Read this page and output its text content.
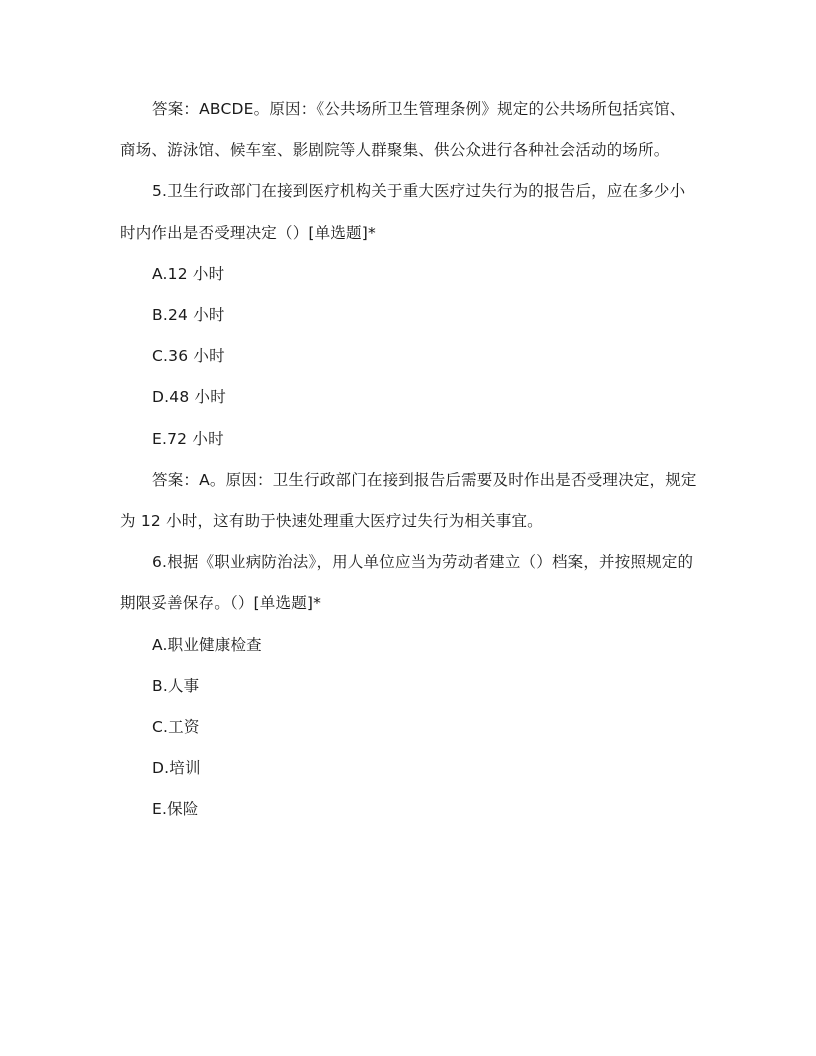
答案：ABCDE。原因：《公共场所卫生管理条例》规定的公共场所包括宾馆、商场、游泳馆、候车室、影剧院等人群聚集、供公众进行各种社会活动的场所。

5.卫生行政部门在接到医疗机构关于重大医疗过失行为的报告后，应在多少小时内作出是否受理决定（）[单选题]*

A.12 小时

B.24 小时

C.36 小时

D.48 小时

E.72 小时

答案：A。原因：卫生行政部门在接到报告后需要及时作出是否受理决定，规定为 12 小时，这有助于快速处理重大医疗过失行为相关事宜。

6.根据《职业病防治法》，用人单位应当为劳动者建立（）档案，并按照规定的期限妥善保存。（）[单选题]*

A.职业健康检查

B.人事

C.工资

D.培训

E.保险
